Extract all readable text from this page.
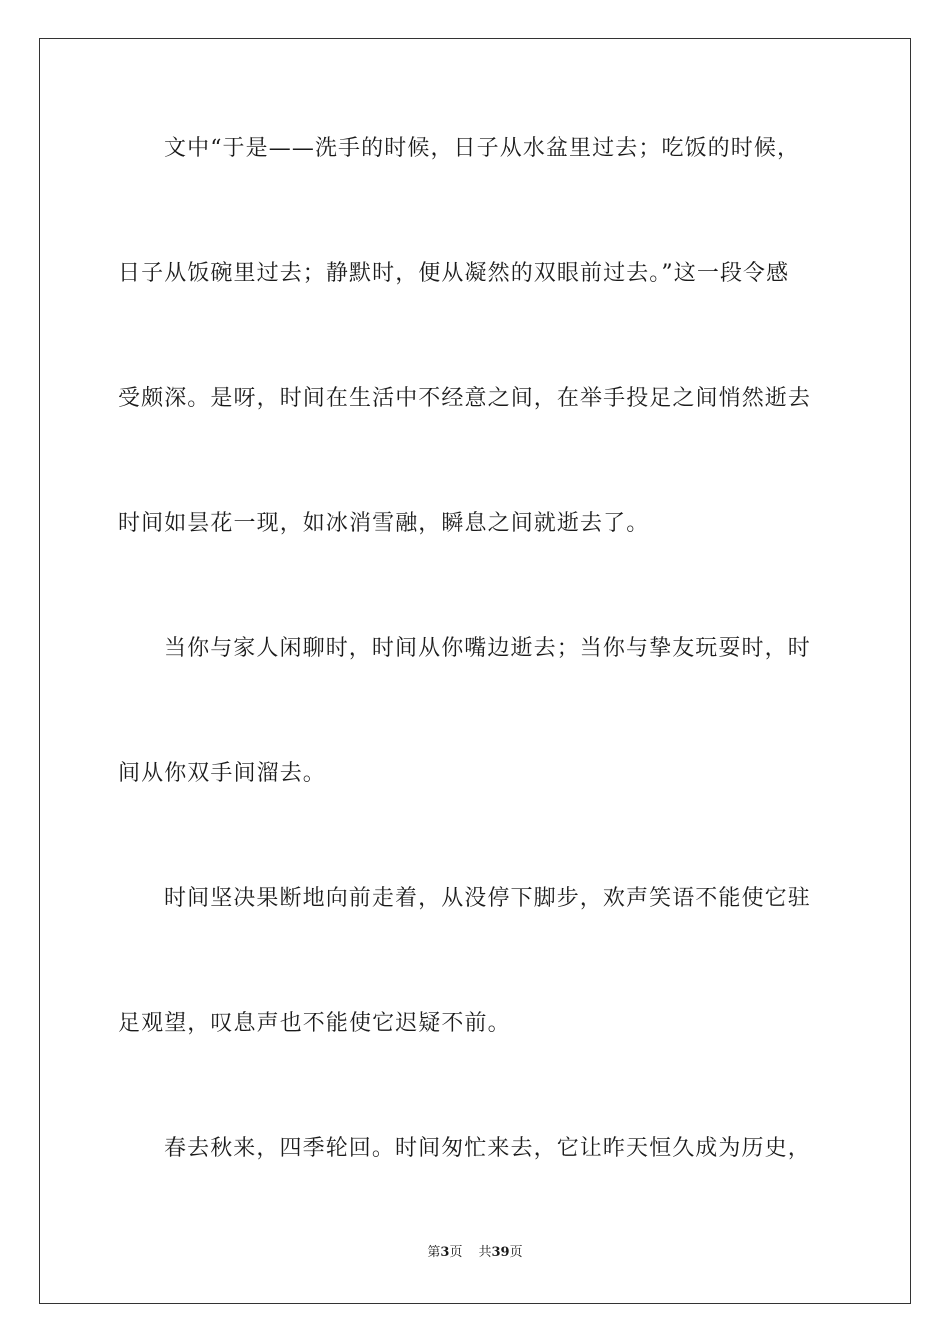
文中“于是——洗手的时候，日子从水盆里过去；吃饭的时候，
日子从饭碗里过去；静默时，便从凝然的双眼前过去。”这一段令感
受颇深。是呀，时间在生活中不经意之间，在举手投足之间悄然逝去
时间如昙花一现，如冰消雪融，瞬息之间就逝去了。
当你与家人闲聊时，时间从你嘴边逝去；当你与挚友玩耍时，时
间从你双手间溜去。
时间坚决果断地向前走着，从没停下脚步，欢声笑语不能使它驻
足观望，叹息声也不能使它迟疑不前。
春去秋来，四季轮回。时间匆忙来去，它让昨天恒久成为历史，
第3页 共39页
